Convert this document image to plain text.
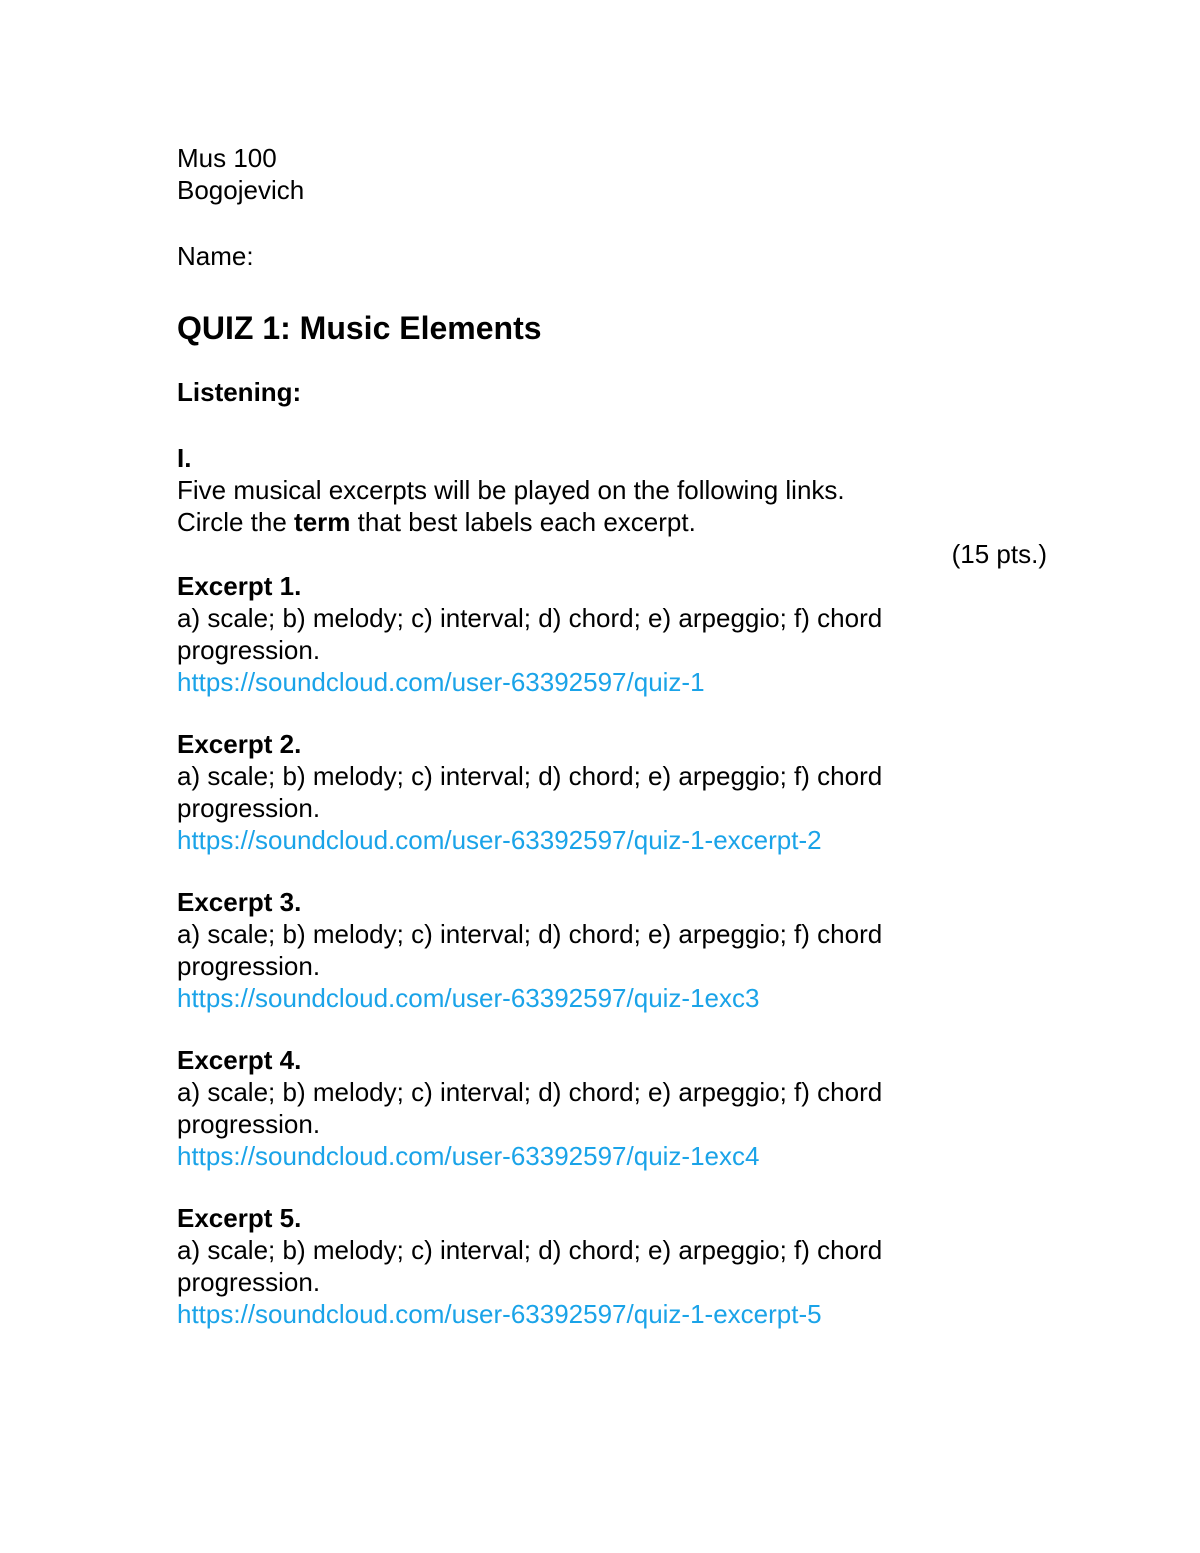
Mus 100
Bogojevich
Name:
QUIZ 1: Music Elements
Listening:
I.
Five musical excerpts will be played on the following links.
Circle the term that best labels each excerpt.
(15 pts.)
Excerpt 1.
a) scale; b) melody; c) interval; d) chord; e) arpeggio; f) chord
progression.
https://soundcloud.com/user-63392597/quiz-1
Excerpt 2.
a) scale; b) melody; c) interval; d) chord; e) arpeggio; f) chord
progression.
https://soundcloud.com/user-63392597/quiz-1-excerpt-2
Excerpt 3.
a) scale; b) melody; c) interval; d) chord; e) arpeggio; f) chord
progression.
https://soundcloud.com/user-63392597/quiz-1exc3
Excerpt 4.
a) scale; b) melody; c) interval; d) chord; e) arpeggio; f) chord
progression.
https://soundcloud.com/user-63392597/quiz-1exc4
Excerpt 5.
a) scale; b) melody; c) interval; d) chord; e) arpeggio; f) chord
progression.
https://soundcloud.com/user-63392597/quiz-1-excerpt-5
